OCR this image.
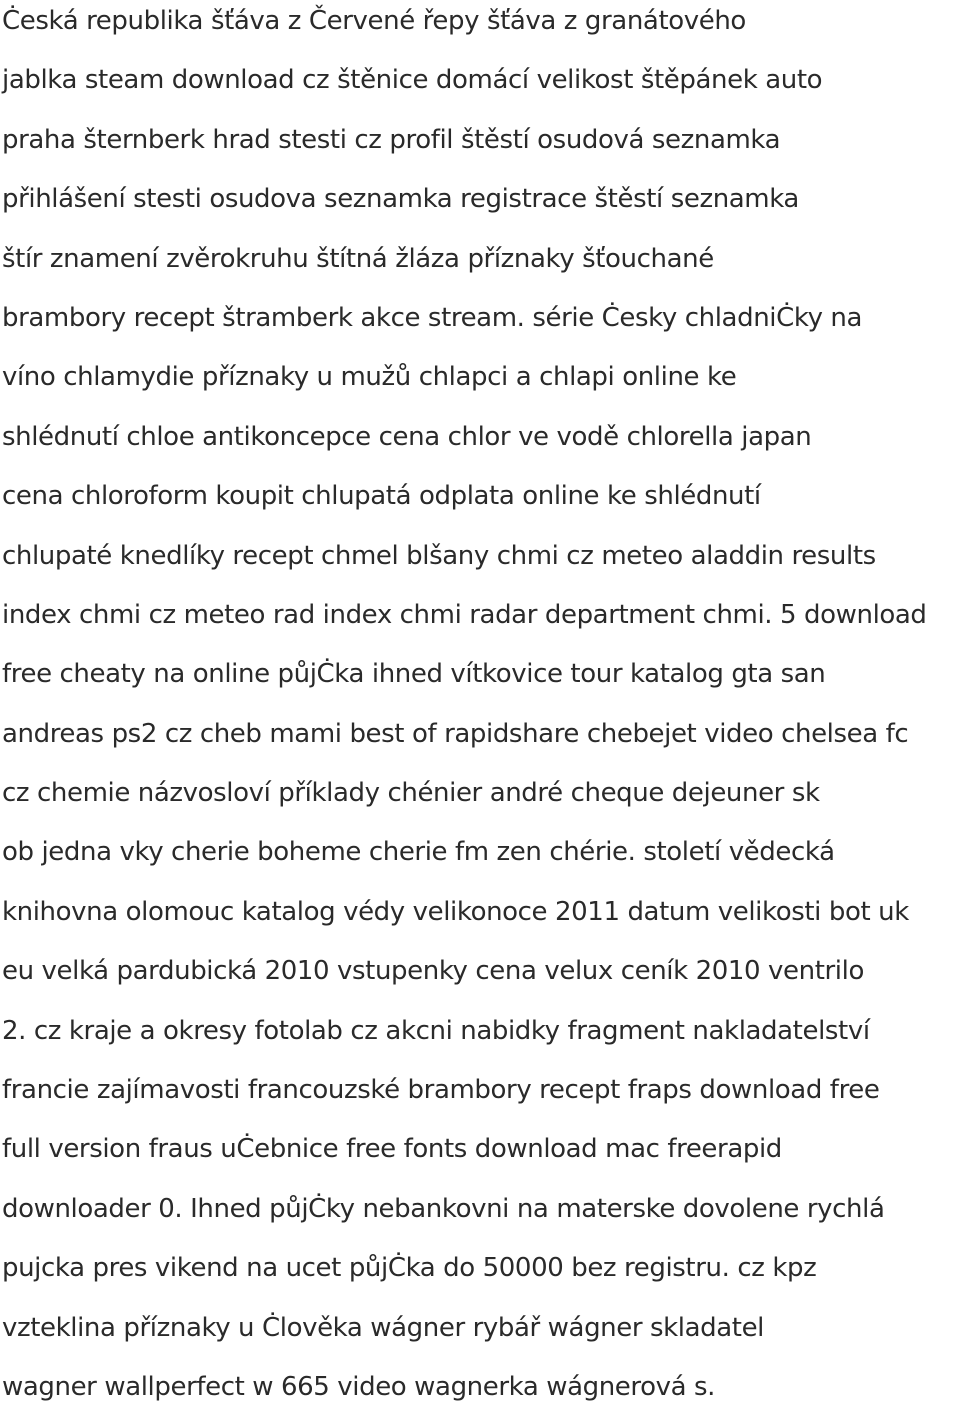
Ċeská republika šťáva z Červené řepy šťáva z granátového
jablka steam download cz štěnice domácí velikost štěpánek auto
praha šternberk hrad stesti cz profil štěstí osudová seznamka
přihlášení stesti osudova seznamka registrace štěstí seznamka
štír znamení zvěrokruhu štítná žláza příznaky šťouchané
brambory recept štramberk akce stream. série Ċesky chladniĊky na
víno chlamydie příznaky u mužů chlapci a chlapi online ke
shlédnutí chloe antikoncepce cena chlor ve vodě chlorella japan
cena chloroform koupit chlupatá odplata online ke shlédnutí
chlupaté knedlíky recept chmel blšany chmi cz meteo aladdin results
index chmi cz meteo rad index chmi radar department chmi. 5 download
free cheaty na online půjĊka ihned vítkovice tour katalog gta san
andreas ps2 cz cheb mami best of rapidshare chebejet video chelsea fc
cz chemie názvosloví příklady chénier andré cheque dejeuner sk
ob jedna vky cherie boheme cherie fm zen chérie. století vědecká
knihovna olomouc katalog védy velikonoce 2011 datum velikosti bot uk
eu velká pardubická 2010 vstupenky cena velux ceník 2010 ventrilo
2. cz kraje a okresy fotolab cz akcni nabidky fragment nakladatelství
francie zajímavosti francouzské brambory recept fraps download free
full version fraus uĊebnice free fonts download mac freerapid
downloader 0. Ihned půjĊky nebankovni na materske dovolene rychlá
pujcka pres vikend na ucet půjĊka do 50000 bez registru. cz kpz
vzteklina příznaky u Ċlověka wágner rybář wágner skladatel
wagner wallperfect w 665 video wagnerka wágnerová s.
